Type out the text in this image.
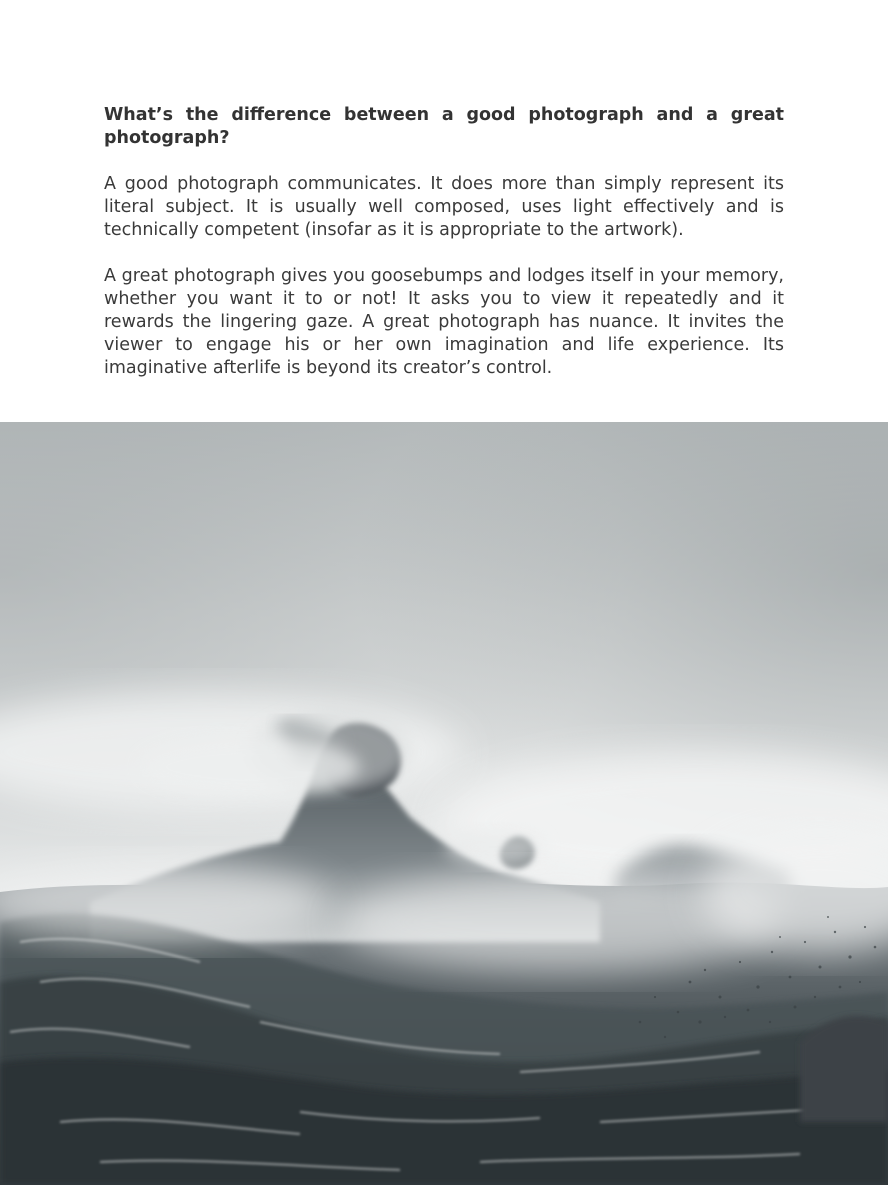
What’s the difference between a good photograph and a great photograph?

A good photograph communicates. It does more than simply represent its literal subject. It is usually well composed, uses light effectively and is technically competent (insofar as it is appropriate to the artwork).

A great photograph gives you goosebumps and lodges itself in your memory, whether you want it to or not! It asks you to view it repeatedly and it rewards the lingering gaze. A great photograph has nuance. It invites the viewer to engage his or her own imagination and life experience. Its imaginative afterlife is beyond its creator’s control.
